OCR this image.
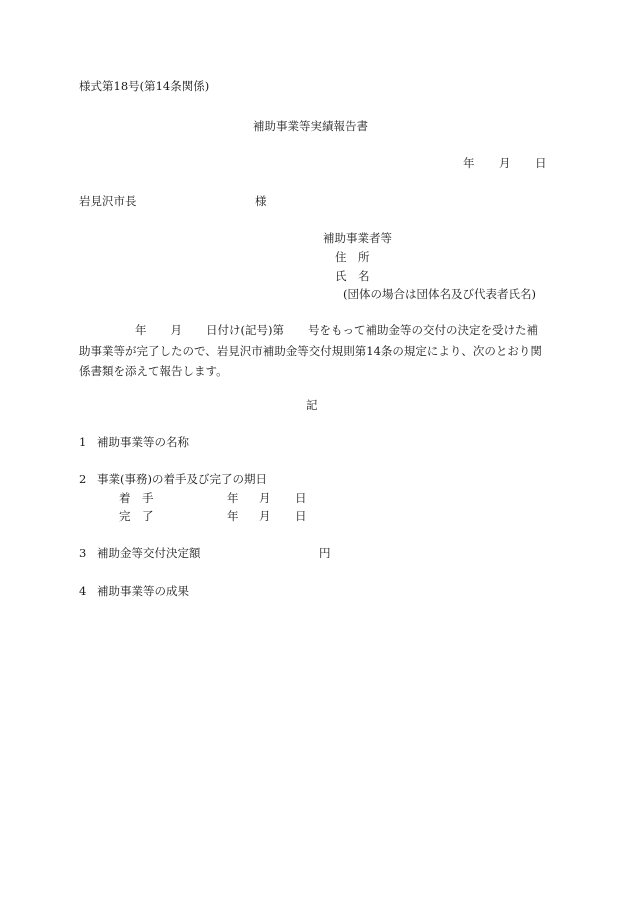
様式第18号(第14条関係)
補助事業等実績報告書
年 月 日
岩見沢市長	様
補助事業者等
住　所
氏　名
(団体の場合は団体名及び代表者氏名)

年 月 日付け(記号)第 号をもって補助金等の交付の決定を受けた補助事業等が完了したので、岩見沢市補助金等交付規則第14条の規定により、次のとおり関係書類を添えて報告します。

記
1 補助事業等の名称
2 事業(事務)の着手及び完了の期日
着　手	年 月 日
完　了	年 月 日
3 補助金等交付決定額	円
4 補助事業等の成果
